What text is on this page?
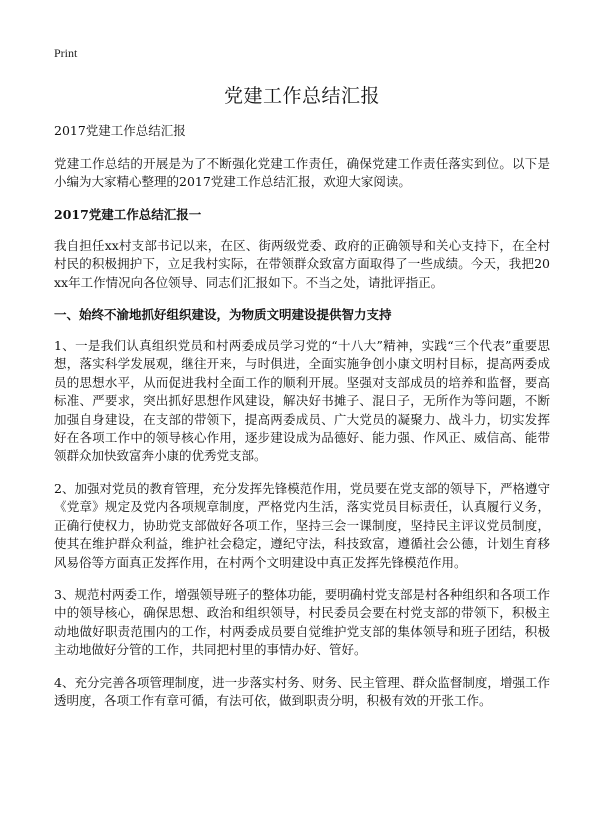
Print
党建工作总结汇报
2017党建工作总结汇报

党建工作总结的开展是为了不断强化党建工作责任，确保党建工作责任落实到位。以下是小编为大家精心整理的2017党建工作总结汇报，欢迎大家阅读。

2017党建工作总结汇报一

我自担任xx村支部书记以来，在区、街两级党委、政府的正确领导和关心支持下，在全村村民的积极拥护下，立足我村实际，在带领群众致富方面取得了一些成绩。今天，我把20xx年工作情况向各位领导、同志们汇报如下。不当之处，请批评指正。

一、始终不渝地抓好组织建设，为物质文明建设提供智力支持

1、一是我们认真组织党员和村两委成员学习党的“十八大”精神，实践“三个代表”重要思想，落实科学发展观，继往开来，与时俱进，全面实施争创小康文明村目标，提高两委成员的思想水平，从而促进我村全面工作的顺利开展。坚强对支部成员的培养和监督，要高标准、严要求，突出抓好思想作风建设，解决好书摊子、混日子，无所作为等问题，不断加强自身建设，在支部的带领下，提高两委成员、广大党员的凝聚力、战斗力，切实发挥好在各项工作中的领导核心作用，逐步建设成为品德好、能力强、作风正、威信高、能带领群众加快致富奔小康的优秀党支部。

2、加强对党员的教育管理，充分发挥先锋模范作用，党员要在党支部的领导下，严格遵守《党章》规定及党内各项规章制度，严格党内生活，落实党员目标责任，认真履行义务，正确行使权力，协助党支部做好各项工作，坚持三会一课制度，坚持民主评议党员制度，使其在维护群众利益，维护社会稳定，遵纪守法，科技致富，遵循社会公德，计划生育移风易俗等方面真正发挥作用，在村两个文明建设中真正发挥先锋模范作用。

3、规范村两委工作，增强领导班子的整体功能，要明确村党支部是村各种组织和各项工作中的领导核心，确保思想、政治和组织领导，村民委员会要在村党支部的带领下，积极主动地做好职责范围内的工作，村两委成员要自觉维护党支部的集体领导和班子团结，积极主动地做好分管的工作，共同把村里的事情办好、管好。

4、充分完善各项管理制度，进一步落实村务、财务、民主管理、群众监督制度，增强工作透明度，各项工作有章可循，有法可依，做到职责分明，积极有效的开张工作。
